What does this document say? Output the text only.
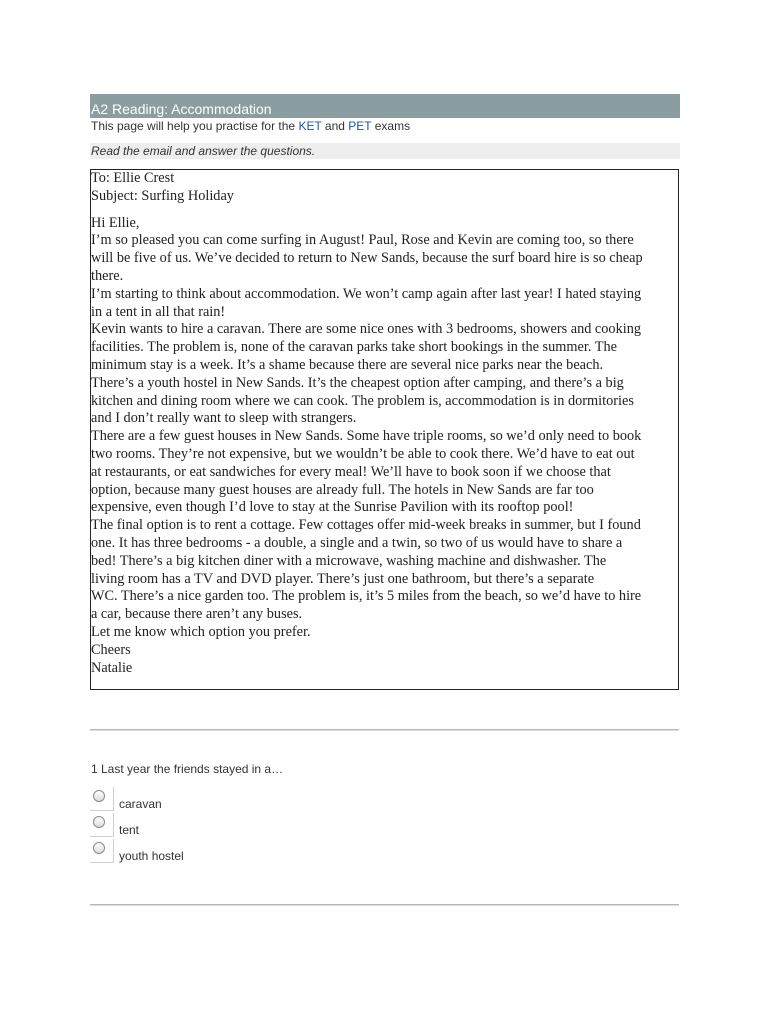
A2 Reading: Accommodation
This page will help you practise for the KET and PET exams
Read the email and answer the questions.
To: Ellie Crest
Subject: Surfing Holiday
Hi Ellie,
I’m so pleased you can come surfing in August! Paul, Rose and Kevin are coming too, so there
will be five of us. We’ve decided to return to New Sands, because the surf board hire is so cheap
there.
I’m starting to think about accommodation. We won’t camp again after last year! I hated staying
in a tent in all that rain!
Kevin wants to hire a caravan. There are some nice ones with 3 bedrooms, showers and cooking
facilities. The problem is, none of the caravan parks take short bookings in the summer. The
minimum stay is a week. It’s a shame because there are several nice parks near the beach.
There’s a youth hostel in New Sands. It’s the cheapest option after camping, and there’s a big
kitchen and dining room where we can cook. The problem is, accommodation is in dormitories
and I don’t really want to sleep with strangers.
There are a few guest houses in New Sands. Some have triple rooms, so we’d only need to book
two rooms. They’re not expensive, but we wouldn’t be able to cook there. We’d have to eat out
at restaurants, or eat sandwiches for every meal! We’ll have to book soon if we choose that
option, because many guest houses are already full. The hotels in New Sands are far too
expensive, even though I’d love to stay at the Sunrise Pavilion with its rooftop pool!
The final option is to rent a cottage. Few cottages offer mid-week breaks in summer, but I found
one. It has three bedrooms - a double, a single and a twin, so two of us would have to share a
bed! There’s a big kitchen diner with a microwave, washing machine and dishwasher. The
living room has a TV and DVD player. There’s just one bathroom, but there’s a separate
WC. There’s a nice garden too. The problem is, it’s 5 miles from the beach, so we’d have to hire
a car, because there aren’t any buses.
Let me know which option you prefer.
Cheers
Natalie
1 Last year the friends stayed in a…
caravan
tent
youth hostel
